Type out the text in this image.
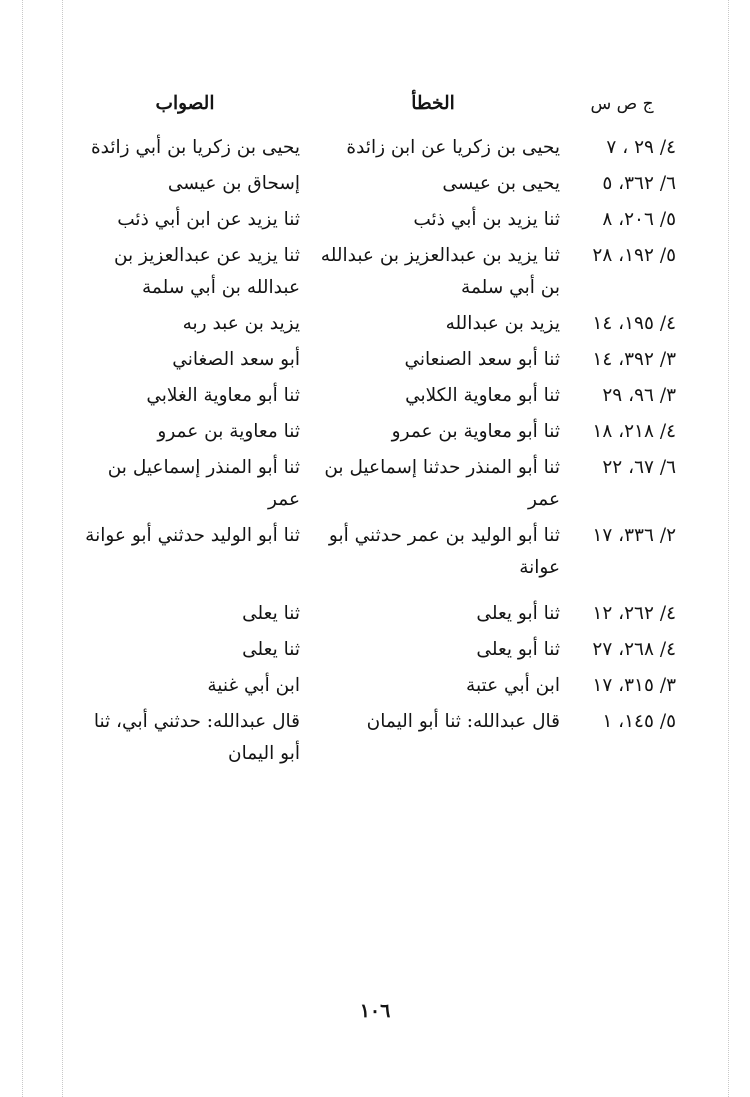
ج ص س
الخطأ
الصواب
٤/ ٢٩ ، ٧
يحيى بن زكريا عن ابن زائدة
يحيى بن زكريا بن أبي زائدة
٦/ ٣٦٢، ٥
يحيى بن عيسى
إسحاق بن عيسى
٥/ ٢٠٦، ٨
ثنا يزيد بن أبي ذئب
ثنا يزيد عن ابن أبي ذئب
٥/ ١٩٢، ٢٨
ثنا يزيد بن عبدالعزيز بن عبدالله بن أبي سلمة
ثنا يزيد عن عبدالعزيز بن عبدالله بن أبي سلمة
٤/ ١٩٥، ١٤
يزيد بن عبدالله
يزيد بن عبد ربه
٣/ ٣٩٢، ١٤
ثنا أبو سعد الصنعاني
أبو سعد الصغاني
٣/ ٩٦، ٢٩
ثنا أبو معاوية الكلابي
ثنا أبو معاوية الغلابي
٤/ ٢١٨، ١٨
ثنا أبو معاوية بن عمرو
ثنا معاوية بن عمرو
٦/ ٦٧، ٢٢
ثنا أبو المنذر حدثنا إسماعيل بن عمر
ثنا أبو المنذر إسماعيل بن عمر
٢/ ٣٣٦، ١٧
ثنا أبو الوليد بن عمر حدثني أبو عوانة
ثنا أبو الوليد حدثني أبو عوانة
٤/ ٢٦٢، ١٢
ثنا أبو يعلى
ثنا يعلى
٤/ ٢٦٨، ٢٧
ثنا أبو يعلى
ثنا يعلى
٣/ ٣١٥، ١٧
ابن أبي عتبة
ابن أبي غنية
٥/ ١٤٥، ١
قال عبدالله: ثنا أبو اليمان
قال عبدالله: حدثني أبي، ثنا أبو اليمان
١٠٦
